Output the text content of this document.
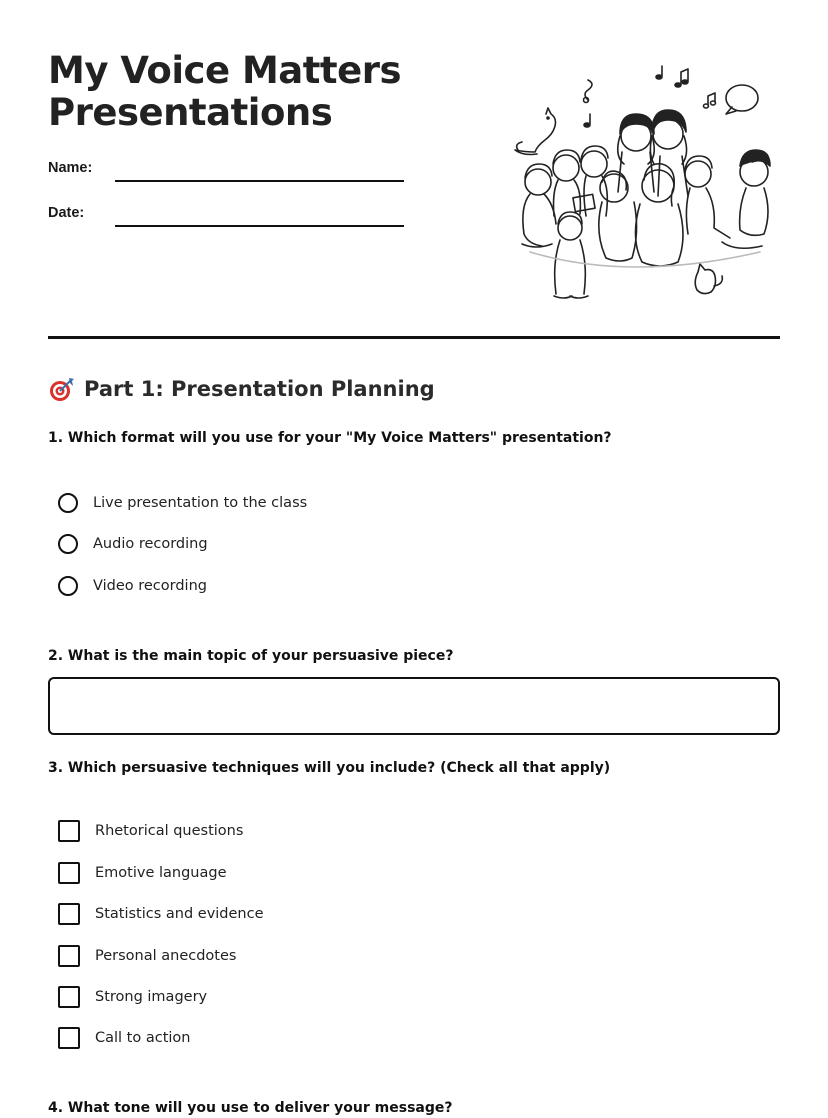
My Voice Matters
Presentations
Name:
Date:
Part 1: Presentation Planning

1. Which format will you use for your "My Voice Matters" presentation?

Live presentation to the class
Audio recording
Video recording

2. What is the main topic of your persuasive piece?

3. Which persuasive techniques will you include? (Check all that apply)

Rhetorical questions
Emotive language
Statistics and evidence
Personal anecdotes
Strong imagery
Call to action

4. What tone will you use to deliver your message?
